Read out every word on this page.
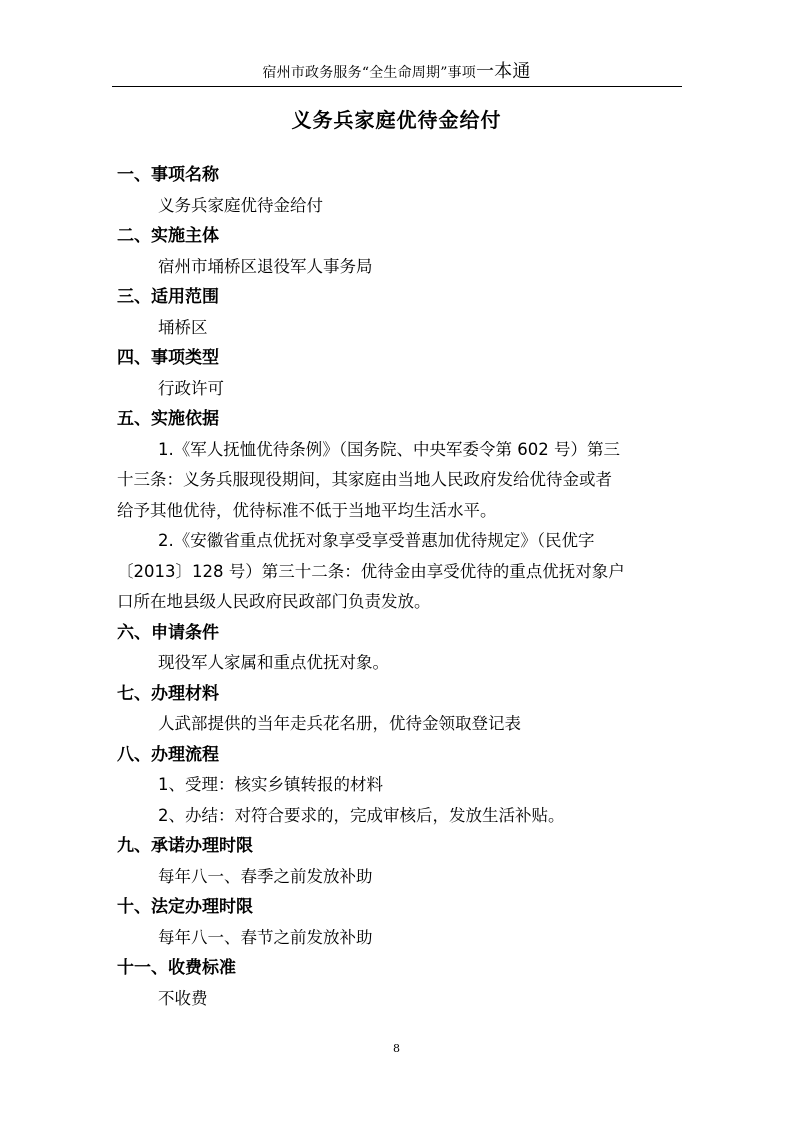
宿州市政务服务“全生命周期”事项一本通
义务兵家庭优待金给付
一、事项名称
义务兵家庭优待金给付
二、实施主体
宿州市埇桥区退役军人事务局
三、适用范围
埇桥区
四、事项类型
行政许可
五、实施依据
1.《军人抚恤优待条例》（国务院、中央军委令第 602 号）第三
十三条：义务兵服现役期间，其家庭由当地人民政府发给优待金或者
给予其他优待，优待标准不低于当地平均生活水平。
2.《安徽省重点优抚对象享受享受普惠加优待规定》（民优字
〔2013〕128 号）第三十二条：优待金由享受优待的重点优抚对象户
口所在地县级人民政府民政部门负责发放。
六、申请条件
现役军人家属和重点优抚对象。
七、办理材料
人武部提供的当年走兵花名册，优待金领取登记表
八、办理流程
1、受理：核实乡镇转报的材料
2、办结：对符合要求的，完成审核后，发放生活补贴。
九、承诺办理时限
每年八一、春季之前发放补助
十、法定办理时限
每年八一、春节之前发放补助
十一、收费标准
不收费
8
